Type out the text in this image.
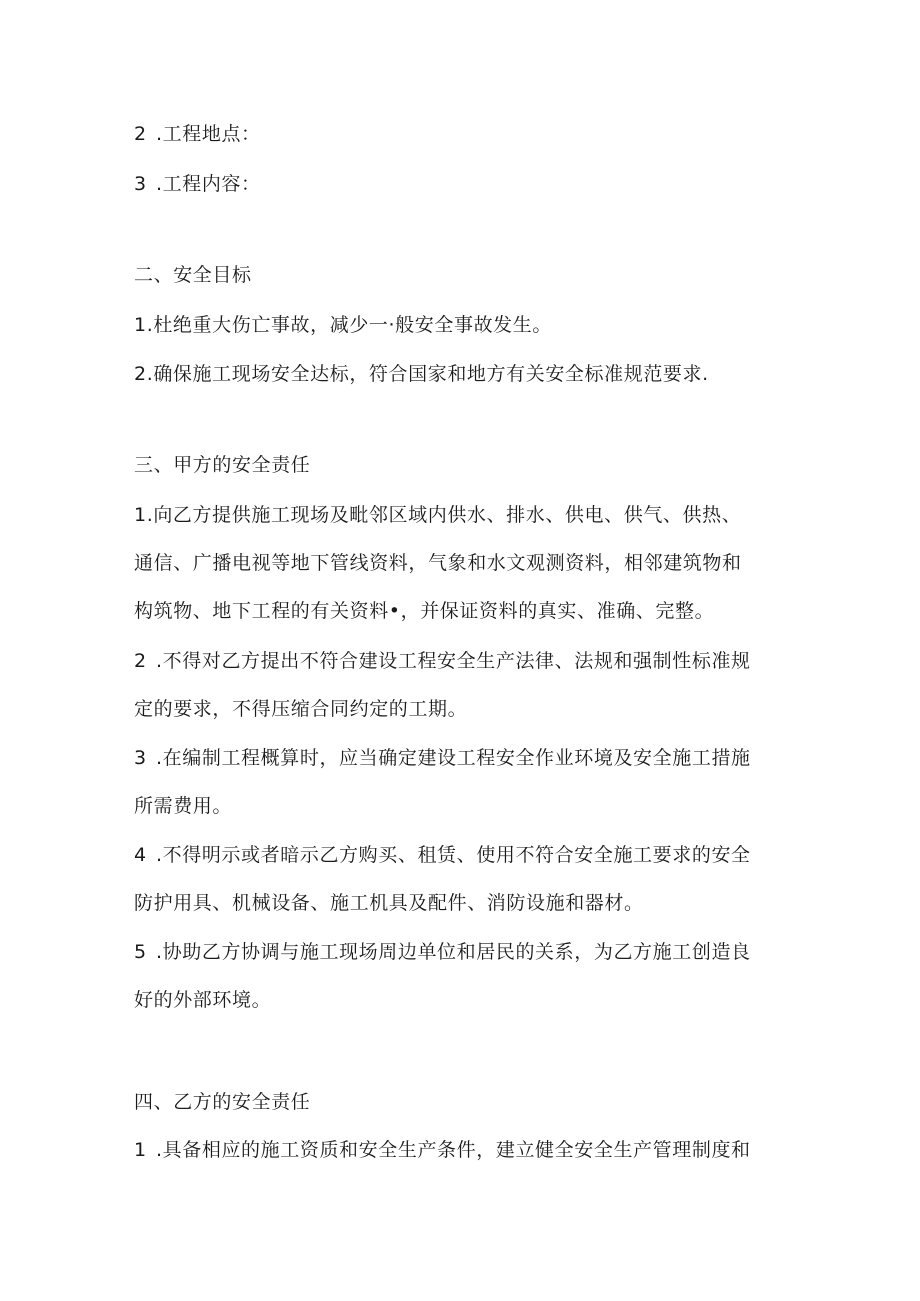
2 .工程地点：
3 .工程内容：
二、安全目标
1.杜绝重大伤亡事故，减少一·般安全事故发生。
2.确保施工现场安全达标，符合国家和地方有关安全标准规范要求.
三、甲方的安全责任
1.向乙方提供施工现场及毗邻区域内供水、排水、供电、供气、供热、
通信、广播电视等地下管线资料，气象和水文观测资料，相邻建筑物和
构筑物、地下工程的有关资料•，并保证资料的真实、准确、完整。
2 .不得对乙方提出不符合建设工程安全生产法律、法规和强制性标准规
定的要求，不得压缩合同约定的工期。
3 .在编制工程概算时，应当确定建设工程安全作业环境及安全施工措施
所需费用。
4 .不得明示或者暗示乙方购买、租赁、使用不符合安全施工要求的安全
防护用具、机械设备、施工机具及配件、消防设施和器材。
5 .协助乙方协调与施工现场周边单位和居民的关系，为乙方施工创造良
好的外部环境。
四、乙方的安全责任
1 .具备相应的施工资质和安全生产条件，建立健全安全生产管理制度和
